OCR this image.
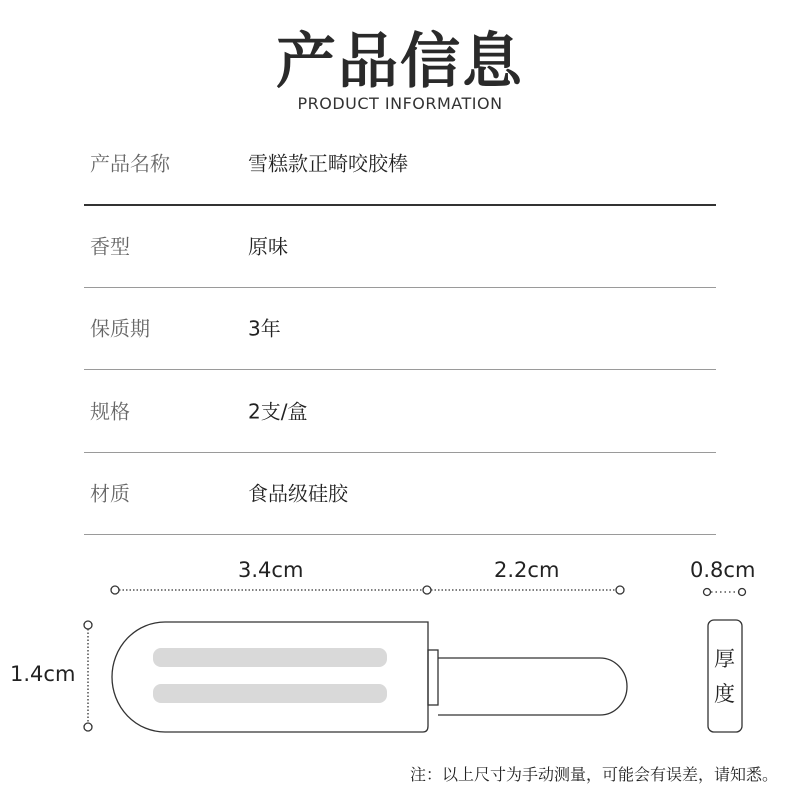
产品信息
PRODUCT INFORMATION
产品名称	雪糕款正畸咬胶棒
香型	原味
保质期	3年
规格	2支/盒
材质	食品级硅胶
3.4cm	2.2cm	0.8cm
1.4cm
厚
度
注：以上尺寸为手动测量，可能会有误差，请知悉。
